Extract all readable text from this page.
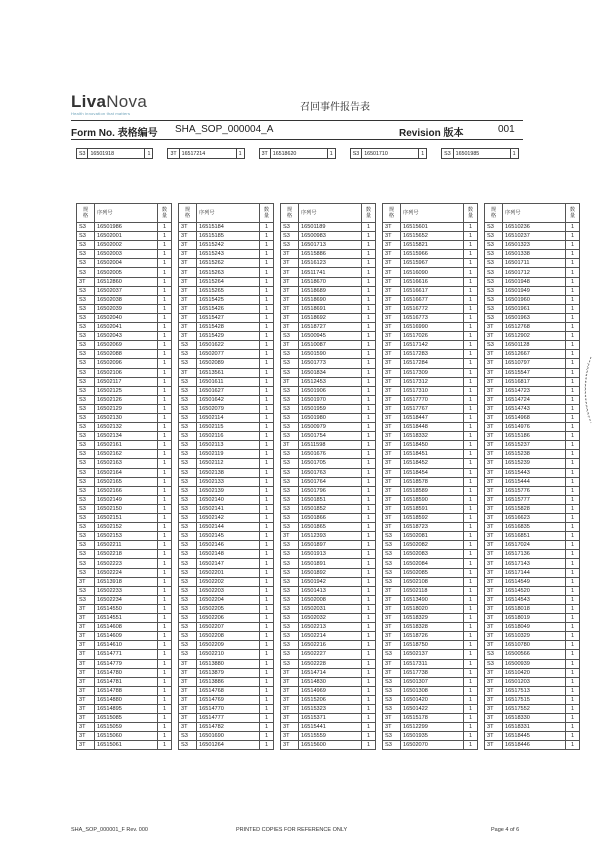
LivaNova
Health innovation that matters
召回事件报告表
Form No. 表格编号 SHA_SOP_000004_A	Revision 版本	001
S3	16501918	1		3T	16517214	1		3T	16518620	1		S3	16501710	1		S3	16501985	1
规
格	序列号	数
量
S3	16501986	1
S3	16502001	1
S3	16502002	1
S3	16502003	1
S3	16502004	1
S3	16502005	1
3T	16512860	1
S3	16502037	1
S3	16502038	1
S3	16502039	1
S3	16502040	1
S3	16502041	1
S3	16502043	1
S3	16502069	1
S3	16502088	1
S3	16502096	1
S3	16502106	1
S3	16502117	1
S3	16502125	1
S3	16502126	1
S3	16502129	1
S3	16502130	1
S3	16502132	1
S3	16502134	1
S3	16502161	1
S3	16502162	1
S3	16502163	1
S3	16502164	1
S3	16502165	1
S3	16502166	1
S3	16502149	1
S3	16502150	1
S3	16502151	1
S3	16502152	1
S3	16502153	1
S3	16502211	1
S3	16502218	1
S3	16502223	1
S3	16502224	1
3T	16513918	1
S3	16502233	1
S3	16502234	1
3T	16514550	1
3T	16514551	1
3T	16514608	1
3T	16514609	1
3T	16514610	1
3T	16514771	1
3T	16514779	1
3T	16514780	1
3T	16514781	1
3T	16514788	1
3T	16514880	1
3T	16514895	1
3T	16515085	1
3T	16515059	1
3T	16515060	1
3T	16515061	1
规
格	序列号	数
量
3T	16515184	1
3T	16515185	1
3T	16515242	1
3T	16515243	1
3T	16515262	1
3T	16515263	1
3T	16515264	1
3T	16515265	1
3T	16515425	1
3T	16515426	1
3T	16515427	1
3T	16515428	1
3T	16515429	1
S3	16501622	1
S3	16502077	1
S3	16502089	1
3T	16513561	1
S3	16501611	1
S3	16501627	1
S3	16501642	1
S3	16502079	1
S3	16502114	1
S3	16502115	1
S3	16502116	1
S3	16502113	1
S3	16502119	1
S3	16502112	1
S3	16502138	1
S3	16502133	1
S3	16502139	1
S3	16502140	1
S3	16502141	1
S3	16502142	1
S3	16502144	1
S3	16502145	1
S3	16502146	1
S3	16502148	1
S3	16502147	1
S3	16502201	1
S3	16502202	1
S3	16502203	1
S3	16502204	1
S3	16502205	1
S3	16502206	1
S3	16502207	1
S3	16502208	1
S3	16502209	1
S3	16502210	1
3T	16513880	1
3T	16513879	1
3T	16513886	1
3T	16514768	1
3T	16514769	1
3T	16514770	1
3T	16514777	1
3T	16514782	1
S3	16501690	1
S3	16501264	1
规
格	序列号	数
量
S3	16501189	1
S3	16500983	1
S3	16501713	1
3T	16515886	1
3T	16516123	1
3T	16511741	1
3T	16518670	1
3T	16518689	1
3T	16518690	1
3T	16518691	1
3T	16518692	1
3T	16518727	1
S3	16500945	1
3T	16510087	1
S3	16501590	1
S3	16501773	1
S3	16501834	1
3T	16512453	1
S3	16501906	1
S3	16501970	1
S3	16501959	1
S3	16501980	1
S3	16500979	1
S3	16501754	1
3T	16511598	1
S3	16501676	1
S3	16501705	1
S3	16501763	1
S3	16501764	1
S3	16501796	1
S3	16501851	1
S3	16501852	1
S3	16501866	1
S3	16501865	1
3T	16512393	1
S3	16501897	1
S3	16501913	1
S3	16501891	1
S3	16501892	1
S3	16501942	1
S3	16501413	1
S3	16502008	1
S3	16502031	1
S3	16502032	1
S3	16502213	1
S3	16502214	1
S3	16502216	1
S3	16502227	1
S3	16502228	1
3T	16514714	1
3T	16514830	1
3T	16514969	1
3T	16515206	1
3T	16515323	1
3T	16515371	1
3T	16515441	1
3T	16515559	1
3T	16515600	1
规
格	序列号	数
量
3T	16515601	1
3T	16515652	1
3T	16515821	1
3T	16515966	1
3T	16515967	1
3T	16516090	1
3T	16516616	1
3T	16516617	1
3T	16516677	1
3T	16516772	1
3T	16516773	1
3T	16516990	1
3T	16517026	1
3T	16517142	1
3T	16517283	1
3T	16517284	1
3T	16517309	1
3T	16517312	1
3T	16517310	1
3T	16517770	1
3T	16517767	1
3T	16518447	1
3T	16518448	1
3T	16518332	1
3T	16518450	1
3T	16518451	1
3T	16518452	1
3T	16518454	1
3T	16518578	1
3T	16518589	1
3T	16518590	1
3T	16518591	1
3T	16518592	1
3T	16518723	1
S3	16502081	1
S3	16502082	1
S3	16502083	1
S3	16502084	1
S3	16502085	1
S3	16502108	1
3T	16502118	1
3T	16513490	1
3T	16518020	1
3T	16518329	1
3T	16518328	1
3T	16518726	1
3T	16518750	1
S3	16502137	1
3T	16517311	1
3T	16517738	1
S3	16501307	1
S3	16501308	1
S3	16501420	1
S3	16501422	1
3T	16515178	1
3T	16512299	1
S3	16501935	1
S3	16502070	1
规
格	序列号	数
量
S3	16510236	1
S3	16510237	1
S3	16501323	1
S3	16501338	1
S3	16501711	1
S3	16501712	1
S3	16501948	1
S3	16501949	1
S3	16501960	1
S3	16501961	1
S3	16501963	1
3T	16512768	1
3T	16512902	1
S3	16501128	1
3T	16512667	1
3T	16510797	1
3T	16515547	1
3T	16516817	1
3T	16514723	1
3T	16514724	1
3T	16514743	1
3T	16514968	1
3T	16514976	1
3T	16515186	1
3T	16515237	1
3T	16515238	1
3T	16515239	1
3T	16515443	1
3T	16515444	1
3T	16515776	1
3T	16515777	1
3T	16515828	1
3T	16516623	1
3T	16516835	1
3T	16516851	1
3T	16517024	1
3T	16517136	1
3T	16517143	1
3T	16517144	1
3T	16514549	1
3T	16514520	1
3T	16514543	1
3T	16518018	1
3T	16518019	1
3T	16518049	1
3T	16510329	1
3T	16510780	1
S3	16500566	1
S3	16500939	1
3T	16510420	1
3T	16501203	1
3T	16517513	1
3T	16517515	1
3T	16517552	1
3T	16518330	1
3T	16518331	1
3T	16518445	1
3T	16518446	1
SHA_SOP_000001_F Rev. 000	PRINTED COPIES FOR REFERENCE ONLY	Page 4 of 6
